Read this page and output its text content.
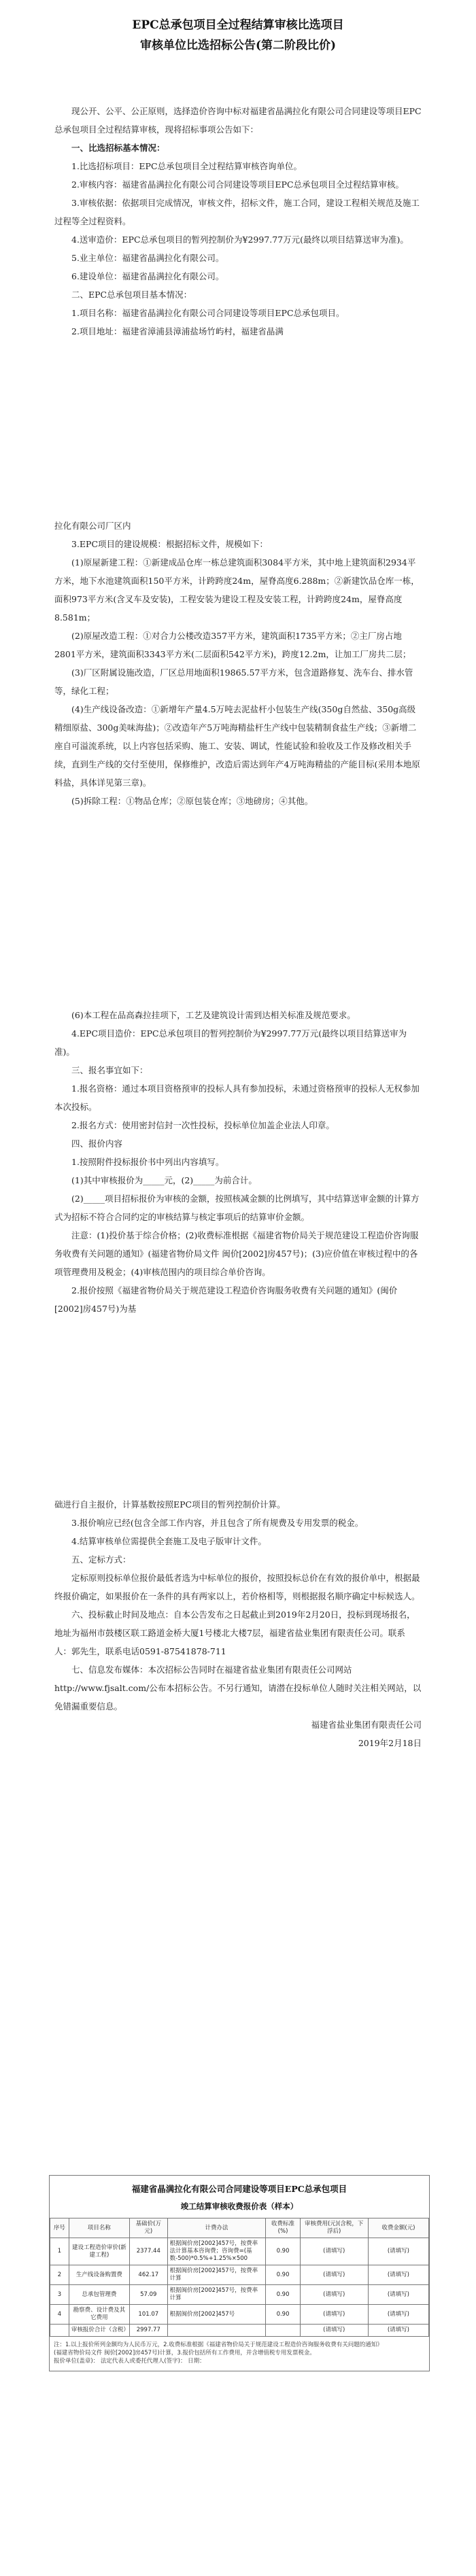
EPC总承包项目全过程结算审核比选项目
审核单位比选招标公告(第二阶段比价)

现公开、公平、公正原则，选择造价咨询中标对福建省晶满拉化有限公司合同建设等项目EPC总承包项目全过程结算审核，现将招标事项公告如下：

一、比选招标基本情况：

1.比选招标项目：EPC总承包项目全过程结算审核咨询单位。

2.审核内容：福建省晶满拉化有限公司合同建设等项目EPC总承包项目全过程结算审核。

3.审核依据：依据项目完成情况，审核文件，招标文件，施工合同，建设工程相关规范及施工过程等全过程资料。

4.送审造价：EPC总承包项目的暂列控制价为¥2997.77万元(最终以项目结算送审为准)。

5.业主单位：福建省晶满拉化有限公司。

6.建设单位：福建省晶满拉化有限公司。

二、EPC总承包项目基本情况：

1.项目名称：福建省晶满拉化有限公司合同建设等项目EPC总承包项目。

2.项目地址：福建省漳浦县漳浦盐场竹屿村，福建省晶满

拉化有限公司厂区内

3.EPC项目的建设规模：根据招标文件，规模如下：

(1)原屋新建工程：①新建成品仓库一栋总建筑面积3084平方米，其中地上建筑面积2934平方米，地下水池建筑面积150平方米，计跨跨度24m，屋脊高度6.288m；②新建饮品仓库一栋，面积973平方米(含叉车及安装)，工程安装为建设工程及安装工程，计跨跨度24m，屋脊高度8.581m；

(2)原屋改造工程：①对合力公楼改造357平方米，建筑面积1735平方米；②主厂房占地2801平方米，建筑面积3343平方米(二层面积542平方米)，跨度12.2m，让加工厂房共二层；

(3)厂区附属设施改造，厂区总用地面积19865.57平方米，包含道路修复、洗车台、排水管等，绿化工程；

(4)生产线设备改造：①新增年产量4.5万吨去泥盐杆小包装生产线(350g自然盐、350g高级精细原盐、300g美味海盐)；②改造年产5万吨海精盐杆生产线中包装精制食盐生产线；③新增二座自可溢流系统，以上内容包括采购、施工、安装、调试，性能试验和验收及工作及修改相关手续，直到生产线的交付至使用，保修维护，改造后需达到年产4万吨海精盐的产能目标(采用本地原料盐，具体详见第三章)。

(5)拆除工程：①物品仓库；②原包装仓库；③地磅房；④其他。

(6)本工程在品高森拉挂项下，工艺及建筑设计需到达相关标准及规范要求。

4.EPC项目造价：EPC总承包项目的暂列控制价为¥2997.77万元(最终以项目结算送审为准)。

三、报名事宜如下：

1.报名资格：通过本项目资格预审的投标人具有参加投标，未通过资格预审的投标人无权参加本次投标。

2.报名方式：使用密封信封一次性投标，投标单位加盖企业法人印章。

四、报价内容

1.按照附件投标报价书中列出内容填写。

(1)其中审核报价为_____元，(2)_____为前合计。

(2)_____项目招标报价为审核的金额，按照核减金额的比例填写，其中结算送审金额的计算方式为招标不符合合同约定的审核结算与核定事项后的结算审价金额。

注意：(1)投价基于综合价格；(2)收费标准根据《福建省物价局关于规范建设工程造价咨询服务收费有关问题的通知》(福建省物价局文件 闽价[2002]房457号)；(3)应价值在审核过程中的各项管理费用及税金；(4)审核范围内的项目综合单价咨询。

2.报价按照《福建省物价局关于规范建设工程造价咨询服务收费有关问题的通知》(闽价[2002]房457号)为基

础进行自主报价，计算基数按照EPC项目的暂列控制价计算。

3.报价响应已经(包含全部工作内容，并且包含了所有规费及专用发票的税金。

4.结算审核单位需提供全套施工及电子版审计文件。

五、定标方式：

定标原则投标单位报价最低者选为中标单位的报价，按照投标总价在有效的报价单中，根据最终报价确定，如果报价在一条件的具有两家以上，若价格相等，则根据报名顺序确定中标候选人。

六、投标截止时间及地点：自本公告发布之日起截止到2019年2月20日，投标到现场报名，地址为福州市鼓楼区联工路道金桥大厦1号楼北大楼7层，福建省盐业集团有限责任公司。联系人：郭先生，联系电话0591-87541878-711

七、信息发布媒体：本次招标公告同时在福建省盐业集团有限责任公司网站 http://www.fjsalt.com/公布本招标公告。不另行通知，请潜在投标单位人随时关注相关网站，以免错漏重要信息。

福建省盐业集团有限责任公司

2019年2月18日

福建省晶满拉化有限公司合同建设等项目EPC总承包项目
竣工结算审核收费报价表（样本）
序号	项目名称	基础价(万元)	计费办法	收费标准(%)	审核费用(元)(含税，下浮后)	收费金额(元)
1	建设工程造价审价(新建工程)	2377.44	根据闽价房[2002]457号，按费率法计算基本咨询费；咨询费=(基数-500)*0.5%+1.25%×500	0.90	(请填写)	(请填写)
2	生产线设备购置费	462.17	根据闽价房[2002]457号，按费率计算	0.90	(请填写)	(请填写)
3	总承包管理费	57.09	根据闽价房[2002]457号，按费率计算	0.90	(请填写)	(请填写)
4	勘察费、设计费及其它费用	101.07	根据闽价房[2002]457号	0.90	(请填写)	(请填写)
	审核报价合计（含税）	2997.77			(请填写)	(请填写)
注：1.以上报价所列金额均为人民币万元，2.收费标准根据《福建省物价局关于规范建设工程造价咨询服务收费有关问题的通知》
(福建省物价局文件 闽价[2002]房457号)计算，3.报价包括所有工作费用，并含增值税专用发票税金。
报价单位(盖章)： 法定代表人或委托代理人(签字)： 日期：
